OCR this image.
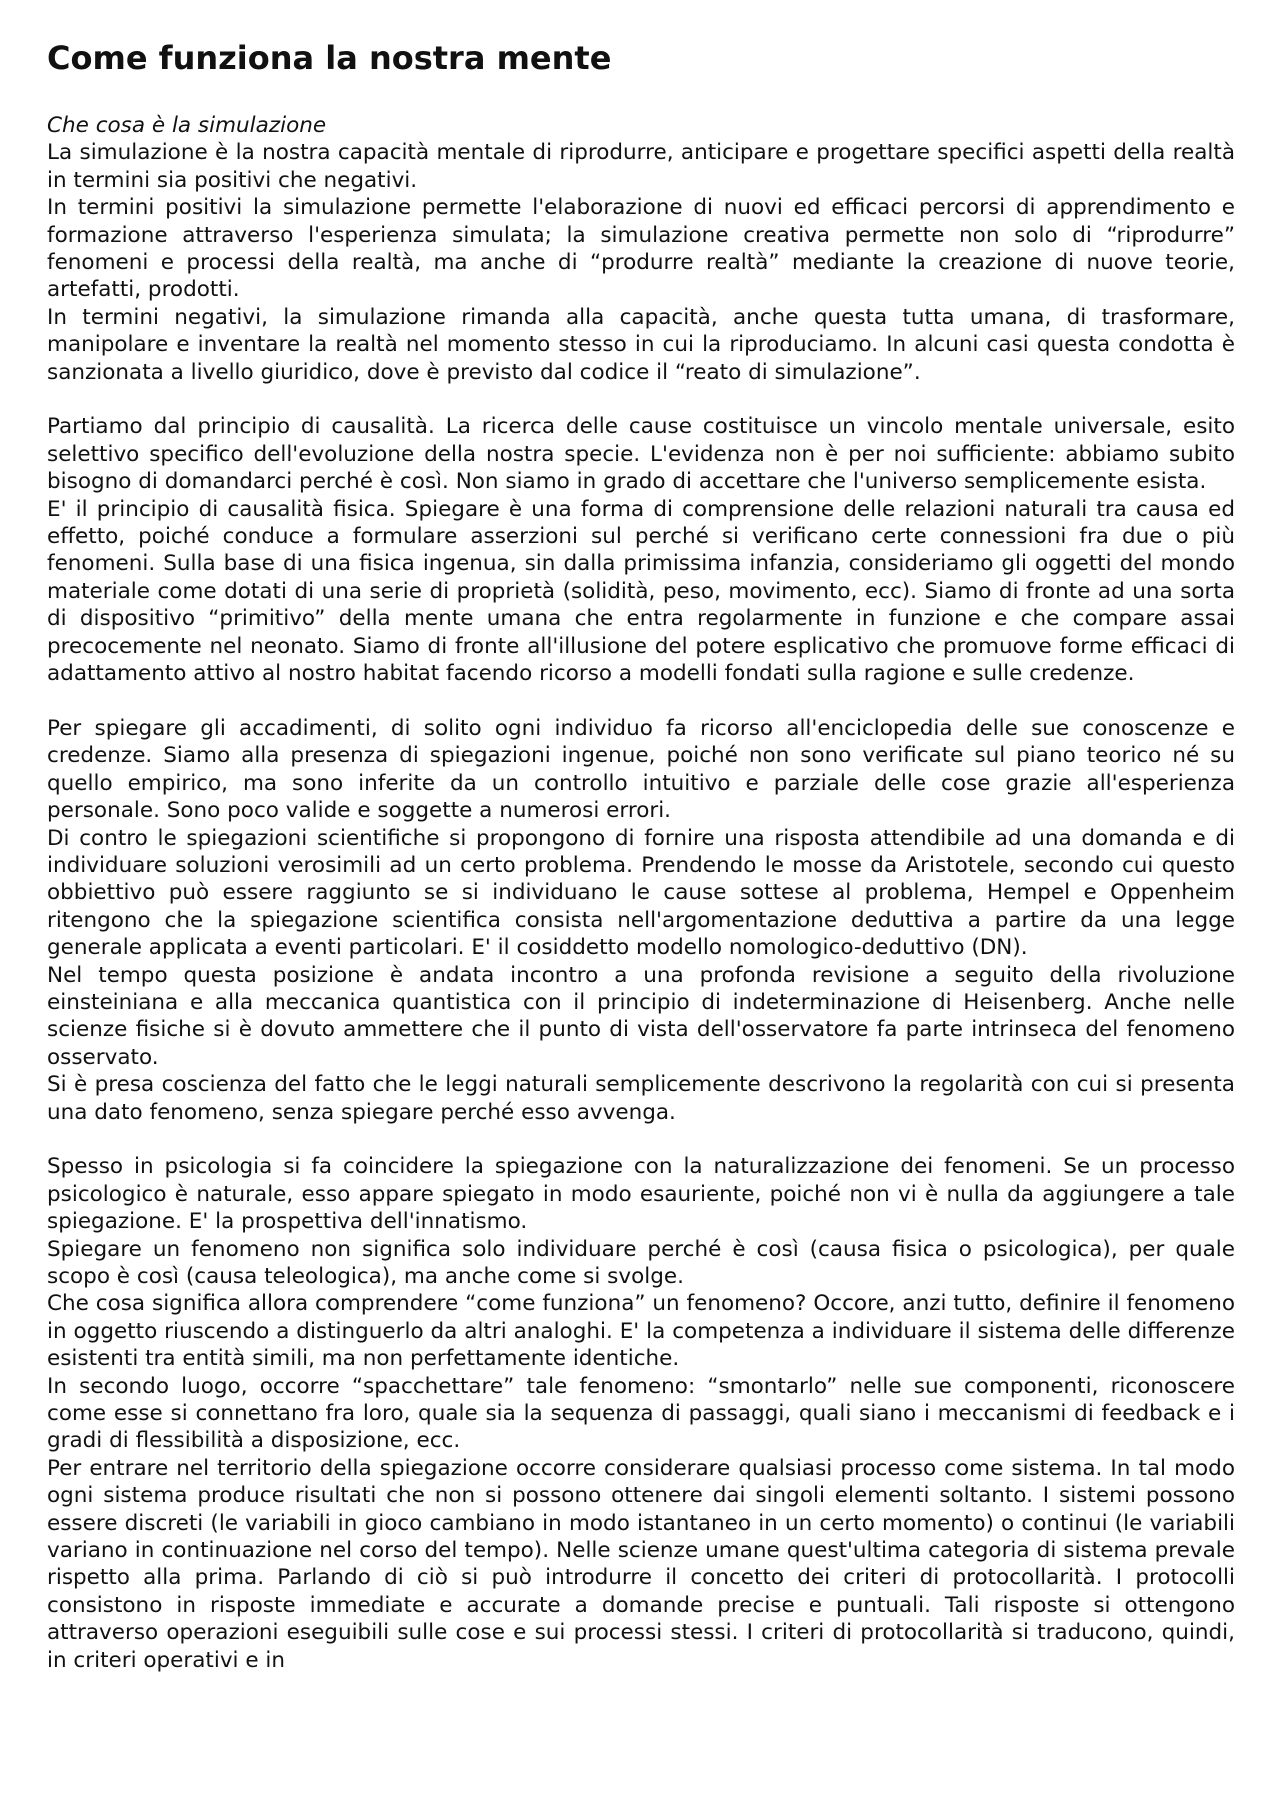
Come funziona la nostra mente
Che cosa è la simulazione

La simulazione è la nostra capacità mentale di riprodurre, anticipare e progettare specifici aspetti della realtà in termini sia positivi che negativi.

In termini positivi la simulazione permette l'elaborazione di nuovi ed efficaci percorsi di apprendimento e formazione attraverso l'esperienza simulata; la simulazione creativa permette non solo di “riprodurre” fenomeni e processi della realtà, ma anche di “produrre realtà” mediante la creazione di nuove teorie, artefatti, prodotti.

In termini negativi, la simulazione rimanda alla capacità, anche questa tutta umana, di trasformare, manipolare e inventare la realtà nel momento stesso in cui la riproduciamo. In alcuni casi questa condotta è sanzionata a livello giuridico, dove è previsto dal codice il “reato di simulazione”.

Partiamo dal principio di causalità. La ricerca delle cause costituisce un vincolo mentale universale, esito selettivo specifico dell'evoluzione della nostra specie. L'evidenza non è per noi sufficiente: abbiamo subito bisogno di domandarci perché è così. Non siamo in grado di accettare che l'universo semplicemente esista.

E' il principio di causalità fisica. Spiegare è una forma di comprensione delle relazioni naturali tra causa ed effetto, poiché conduce a formulare asserzioni sul perché si verificano certe connessioni fra due o più fenomeni. Sulla base di una fisica ingenua, sin dalla primissima infanzia, consideriamo gli oggetti del mondo materiale come dotati di una serie di proprietà (solidità, peso, movimento, ecc). Siamo di fronte ad una sorta di dispositivo “primitivo” della mente umana che entra regolarmente in funzione e che compare assai precocemente nel neonato. Siamo di fronte all'illusione del potere esplicativo che promuove forme efficaci di adattamento attivo al nostro habitat facendo ricorso a modelli fondati sulla ragione e sulle credenze.

Per spiegare gli accadimenti, di solito ogni individuo fa ricorso all'enciclopedia delle sue conoscenze e credenze. Siamo alla presenza di spiegazioni ingenue, poiché non sono verificate sul piano teorico né su quello empirico, ma sono inferite da un controllo intuitivo e parziale delle cose grazie all'esperienza personale. Sono poco valide e soggette a numerosi errori.

Di contro le spiegazioni scientifiche si propongono di fornire una risposta attendibile ad una domanda e di individuare soluzioni verosimili ad un certo problema. Prendendo le mosse da Aristotele, secondo cui questo obbiettivo può essere raggiunto se si individuano le cause sottese al problema, Hempel e Oppenheim ritengono che la spiegazione scientifica consista nell'argomentazione deduttiva a partire da una legge generale applicata a eventi particolari. E' il cosiddetto modello nomologico-deduttivo (DN).

Nel tempo questa posizione è andata incontro a una profonda revisione a seguito della rivoluzione einsteiniana e alla meccanica quantistica con il principio di indeterminazione di Heisenberg. Anche nelle scienze fisiche si è dovuto ammettere che il punto di vista dell'osservatore fa parte intrinseca del fenomeno osservato.

Si è presa coscienza del fatto che le leggi naturali semplicemente descrivono la regolarità con cui si presenta una dato fenomeno, senza spiegare perché esso avvenga.

Spesso in psicologia si fa coincidere la spiegazione con la naturalizzazione dei fenomeni. Se un processo psicologico è naturale, esso appare spiegato in modo esauriente, poiché non vi è nulla da aggiungere a tale spiegazione. E' la prospettiva dell'innatismo.

Spiegare un fenomeno non significa solo individuare perché è così (causa fisica o psicologica), per quale scopo è così (causa teleologica), ma anche come si svolge.

Che cosa significa allora comprendere “come funziona” un fenomeno? Occore, anzi tutto, definire il fenomeno in oggetto riuscendo a distinguerlo da altri analoghi. E' la competenza a individuare il sistema delle differenze esistenti tra entità simili, ma non perfettamente identiche.

In secondo luogo, occorre “spacchettare” tale fenomeno: “smontarlo” nelle sue componenti, riconoscere come esse si connettano fra loro, quale sia la sequenza di passaggi, quali siano i meccanismi di feedback e i gradi di flessibilità a disposizione, ecc.

Per entrare nel territorio della spiegazione occorre considerare qualsiasi processo come sistema. In tal modo ogni sistema produce risultati che non si possono ottenere dai singoli elementi soltanto. I sistemi possono essere discreti (le variabili in gioco cambiano in modo istantaneo in un certo momento) o continui (le variabili variano in continuazione nel corso del tempo). Nelle scienze umane quest'ultima categoria di sistema prevale rispetto alla prima. Parlando di ciò si può introdurre il concetto dei criteri di protocollarità. I protocolli consistono in risposte immediate e accurate a domande precise e puntuali. Tali risposte si ottengono attraverso operazioni eseguibili sulle cose e sui processi stessi. I criteri di protocollarità si traducono, quindi, in criteri operativi e in
